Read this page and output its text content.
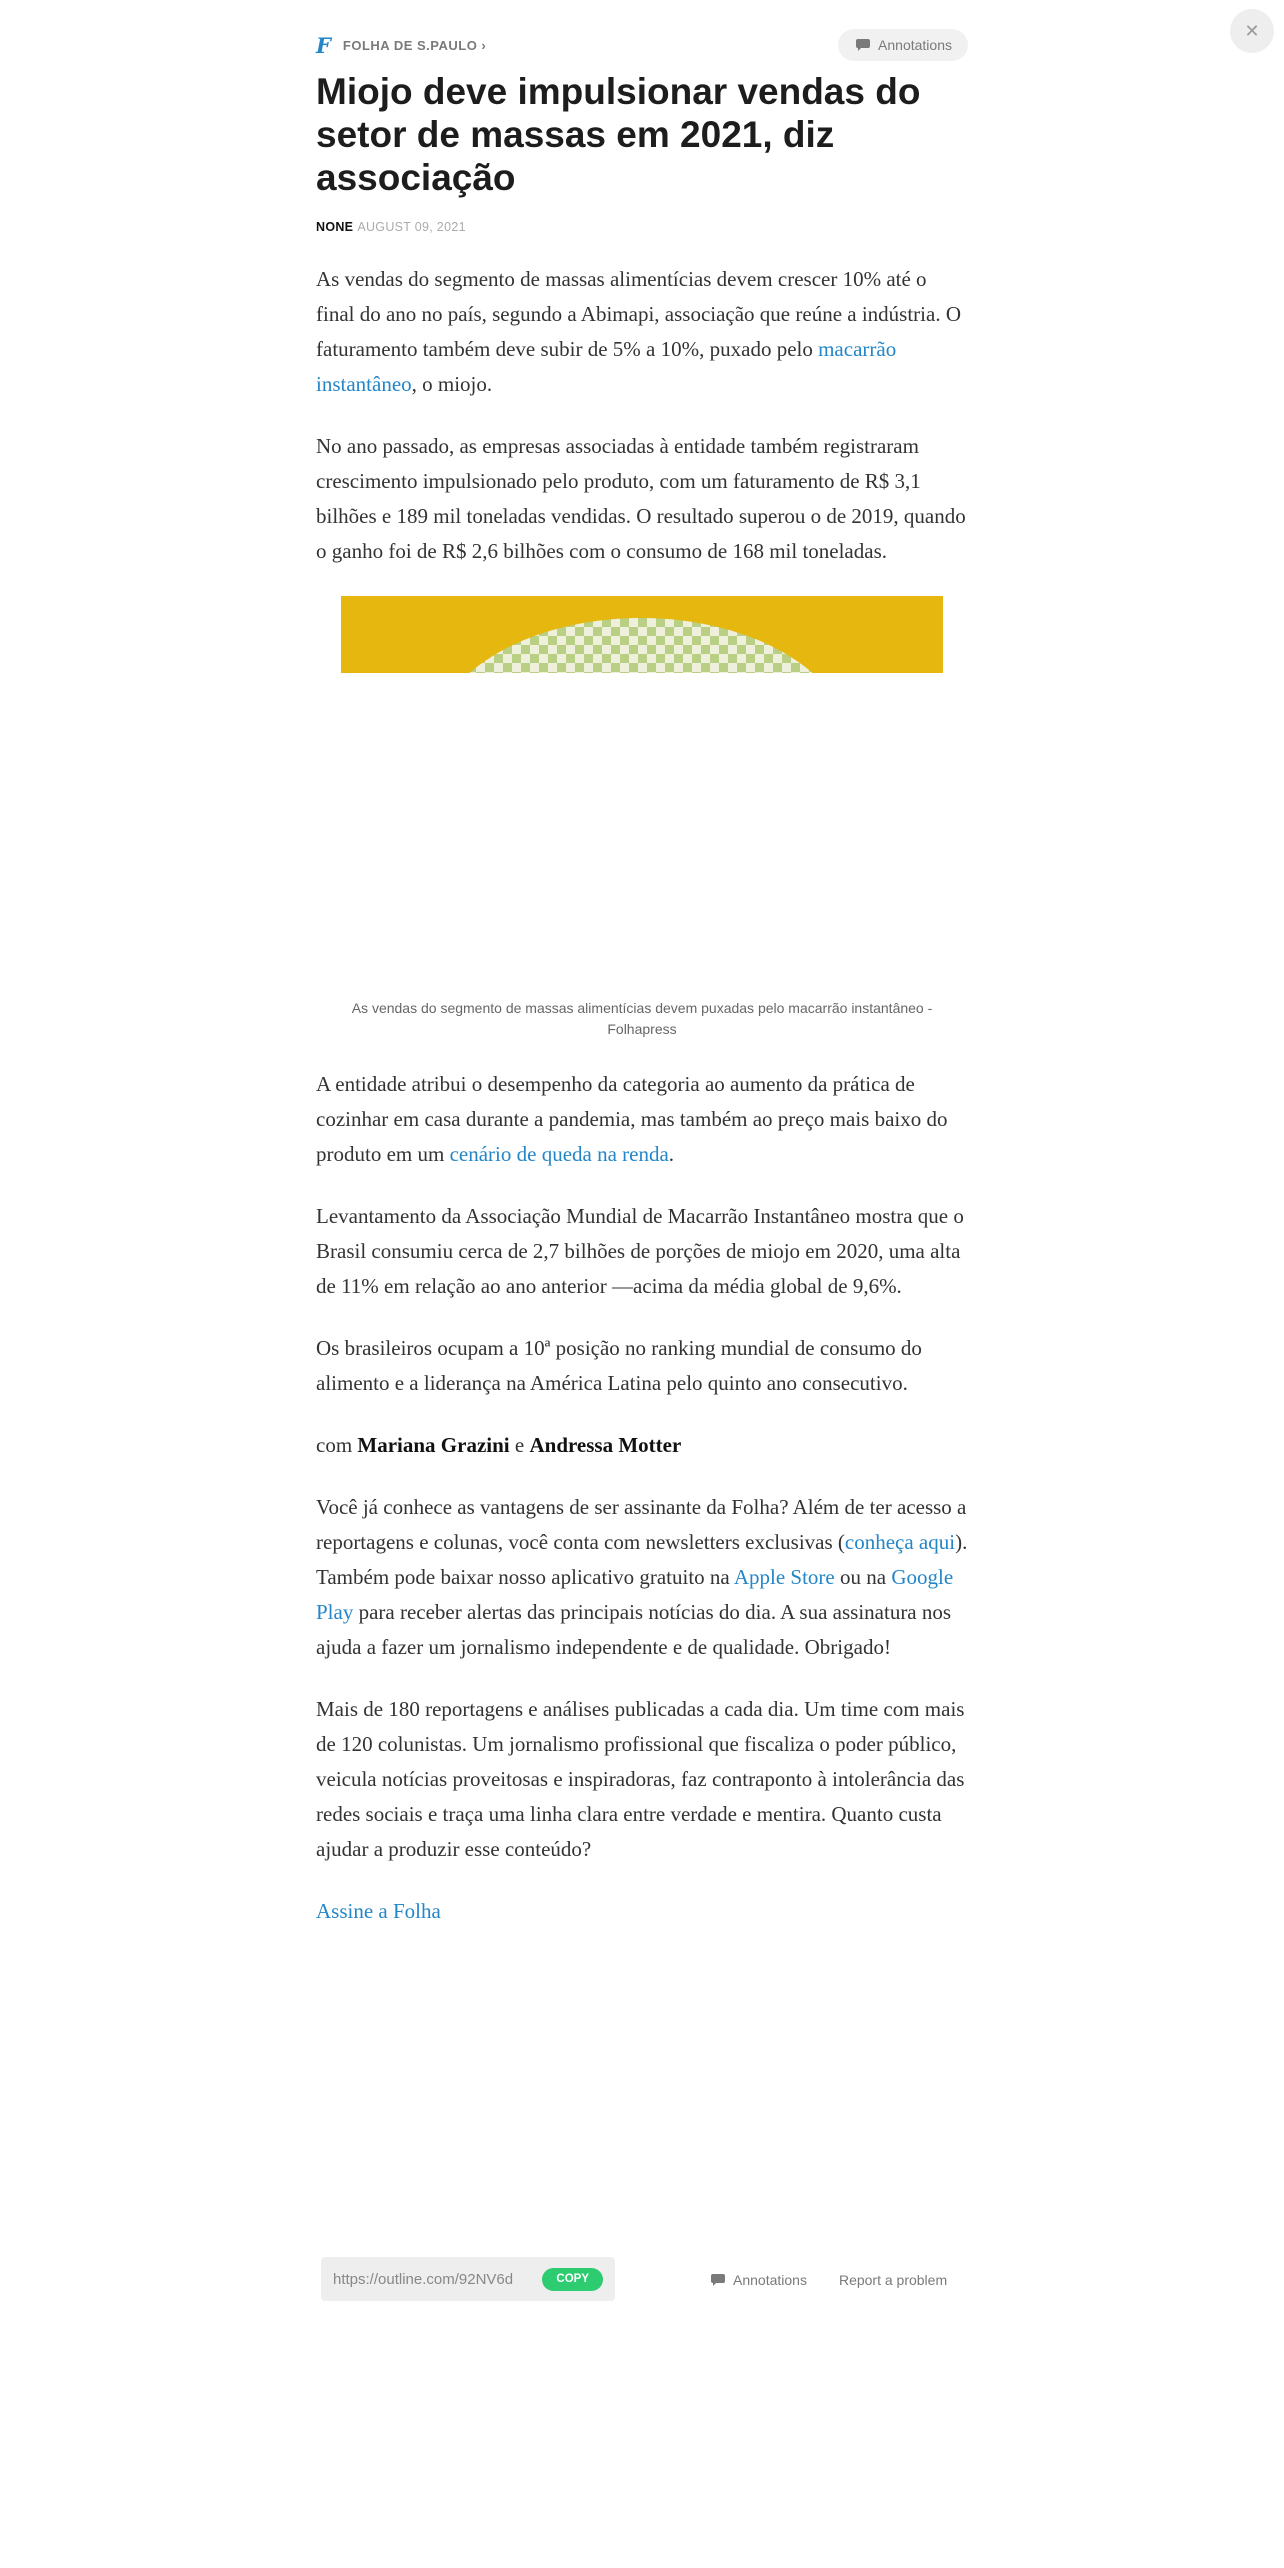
✕
F FOLHA DE S.PAULO ›	Annotations
Miojo deve impulsionar vendas do setor de massas em 2021, diz associação
NONE AUGUST 09, 2021

As vendas do segmento de massas alimentícias devem crescer 10% até o final do ano no país, segundo a Abimapi, associação que reúne a indústria. O faturamento também deve subir de 5% a 10%, puxado pelo macarrão instantâneo, o miojo.

No ano passado, as empresas associadas à entidade também registraram crescimento impulsionado pelo produto, com um faturamento de R$ 3,1 bilhões e 189 mil toneladas vendidas. O resultado superou o de 2019, quando o ganho foi de R$ 2,6 bilhões com o consumo de 168 mil toneladas.

As vendas do segmento de massas alimentícias devem puxadas pelo macarrão instantâneo - Folhapress

A entidade atribui o desempenho da categoria ao aumento da prática de cozinhar em casa durante a pandemia, mas também ao preço mais baixo do produto em um cenário de queda na renda.

Levantamento da Associação Mundial de Macarrão Instantâneo mostra que o Brasil consumiu cerca de 2,7 bilhões de porções de miojo em 2020, uma alta de 11% em relação ao ano anterior —acima da média global de 9,6%.

Os brasileiros ocupam a 10ª posição no ranking mundial de consumo do alimento e a liderança na América Latina pelo quinto ano consecutivo.

com Mariana Grazini e Andressa Motter

Você já conhece as vantagens de ser assinante da Folha? Além de ter acesso a reportagens e colunas, você conta com newsletters exclusivas (conheça aqui). Também pode baixar nosso aplicativo gratuito na Apple Store ou na Google Play para receber alertas das principais notícias do dia. A sua assinatura nos ajuda a fazer um jornalismo independente e de qualidade. Obrigado!

Mais de 180 reportagens e análises publicadas a cada dia. Um time com mais de 120 colunistas. Um jornalismo profissional que fiscaliza o poder público, veicula notícias proveitosas e inspiradoras, faz contraponto à intolerância das redes sociais e traça uma linha clara entre verdade e mentira. Quanto custa ajudar a produzir esse conteúdo?

Assine a Folha

https://outline.com/92NV6d	COPY	Annotations Report a problem
